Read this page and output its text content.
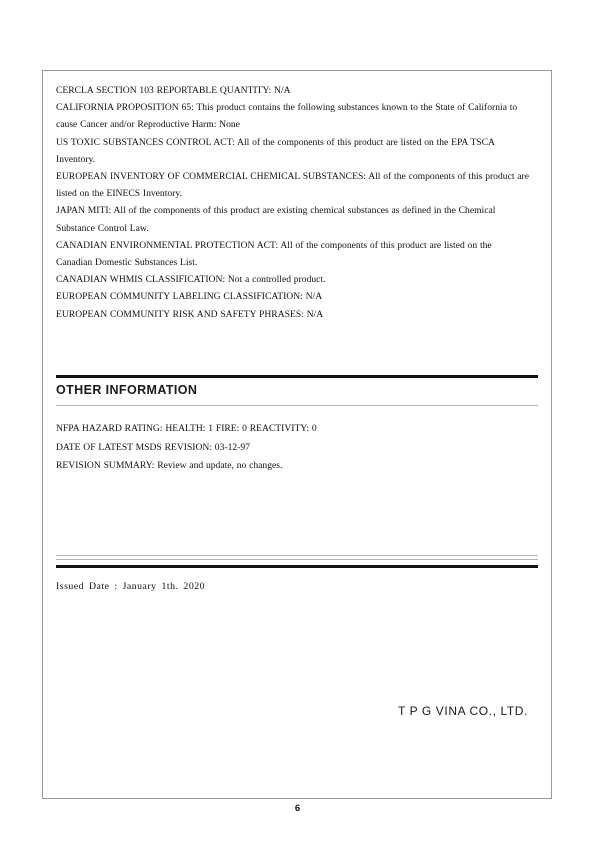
CERCLA SECTION 103 REPORTABLE QUANTITY: N/A

CALIFORNIA PROPOSITION 65: This product contains the following substances known to the State of California to cause Cancer and/or Reproductive Harm: None

US TOXIC SUBSTANCES CONTROL ACT: All of the components of this product are listed on the EPA TSCA Inventory.

EUROPEAN INVENTORY OF COMMERCIAL CHEMICAL SUBSTANCES: All of the components of this product are listed on the EINECS Inventory.

JAPAN MITI: All of the components of this product are existing chemical substances as defined in the Chemical Substance Control Law.

CANADIAN ENVIRONMENTAL PROTECTION ACT: All of the components of this product are listed on the Canadian Domestic Substances List.

CANADIAN WHMIS CLASSIFICATION: Not a controlled product.

EUROPEAN COMMUNITY LABELING CLASSIFICATION: N/A

EUROPEAN COMMUNITY RISK AND SAFETY PHRASES: N/A

OTHER INFORMATION

NFPA HAZARD RATING: HEALTH: 1 FIRE: 0 REACTIVITY: 0

DATE OF LATEST MSDS REVISION: 03-12-97

REVISION SUMMARY: Review and update, no changes.

Issued Date : January 1th. 2020
T P G VINA CO., LTD.
6
